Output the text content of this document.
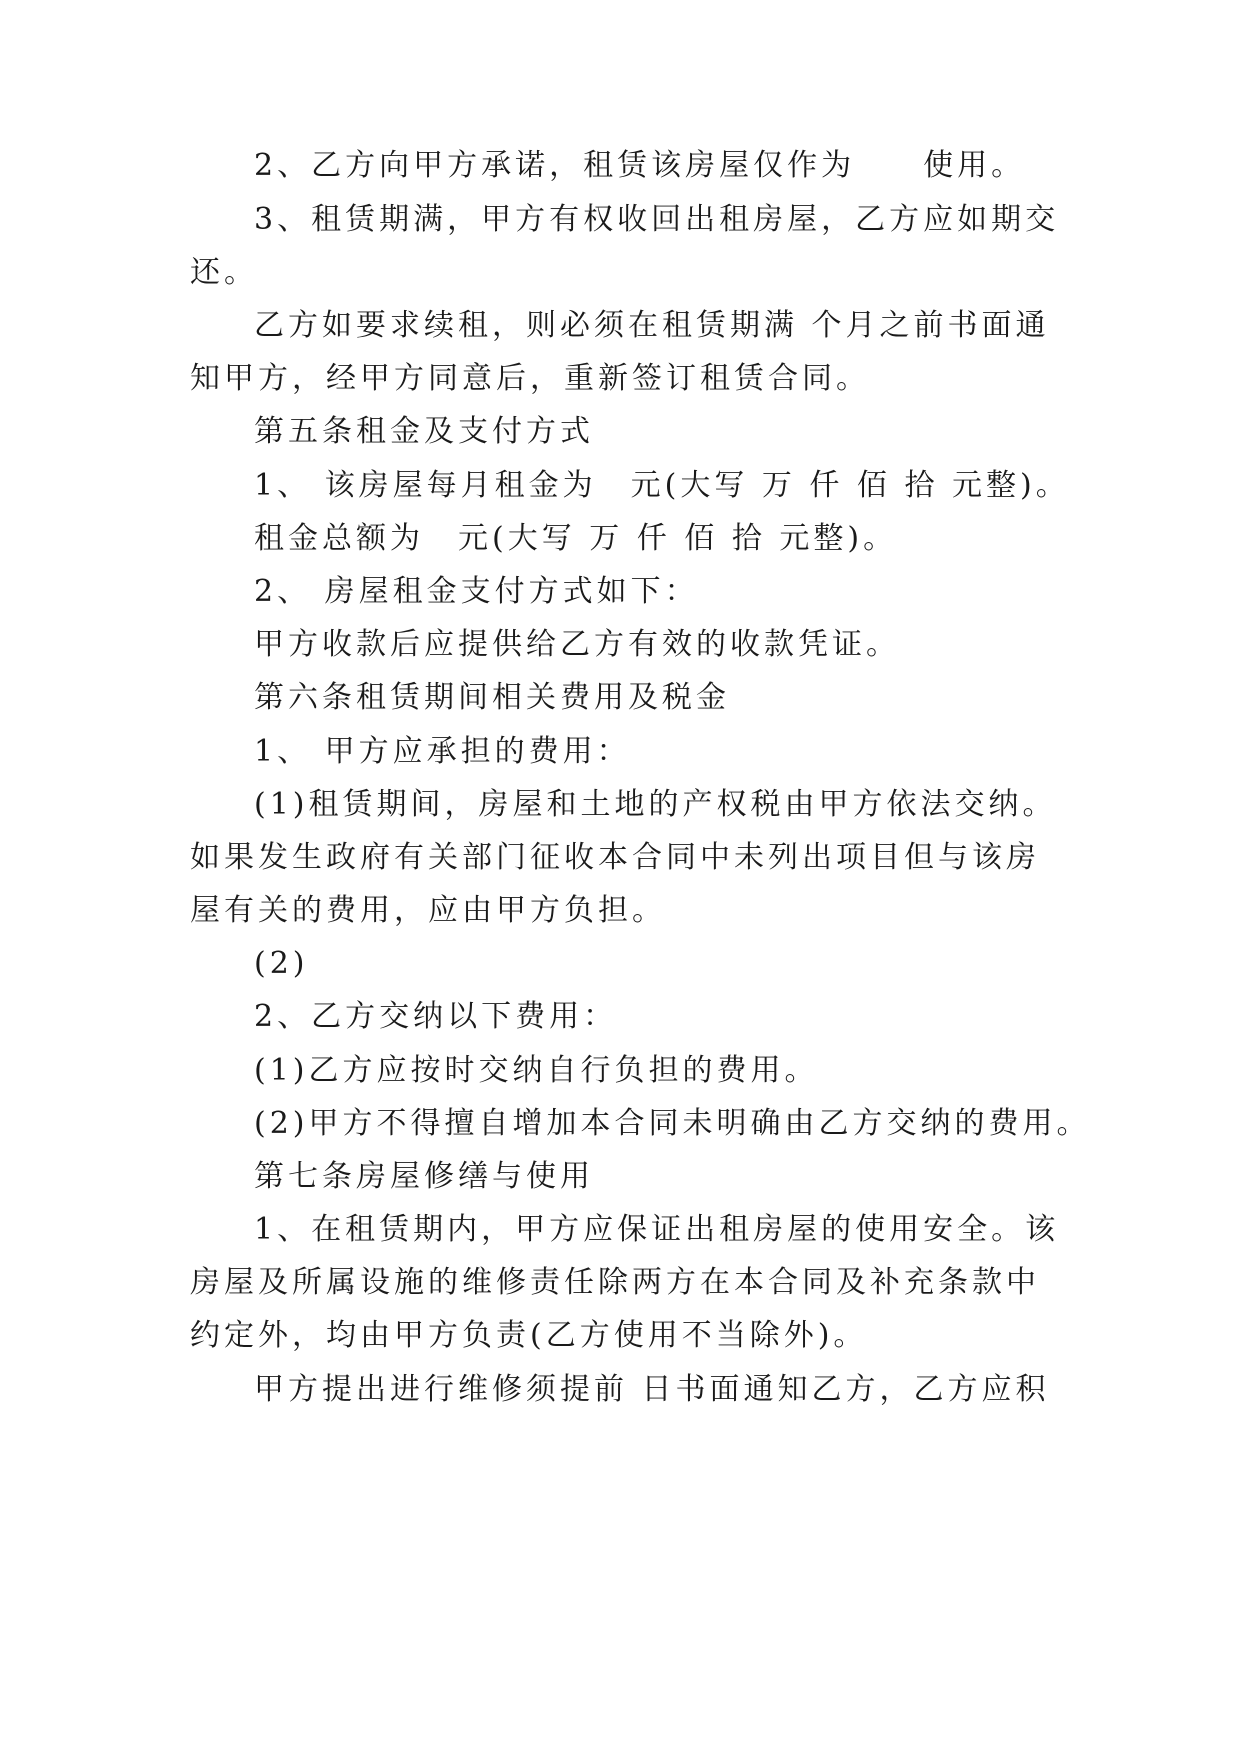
2、乙方向甲方承诺，租赁该房屋仅作为　　使用。
3、租赁期满，甲方有权收回出租房屋，乙方应如期交
还。
乙方如要求续租，则必须在租赁期满 个月之前书面通
知甲方，经甲方同意后，重新签订租赁合同。
第五条租金及支付方式
1、 该房屋每月租金为　元(大写 万 仟 佰 拾 元整)。
租金总额为　元(大写 万 仟 佰 拾 元整)。
2、 房屋租金支付方式如下：
甲方收款后应提供给乙方有效的收款凭证。
第六条租赁期间相关费用及税金
1、 甲方应承担的费用：
(1)租赁期间，房屋和土地的产权税由甲方依法交纳。
如果发生政府有关部门征收本合同中未列出项目但与该房
屋有关的费用，应由甲方负担。
(2)
2、乙方交纳以下费用：
(1)乙方应按时交纳自行负担的费用。
(2)甲方不得擅自增加本合同未明确由乙方交纳的费用。
第七条房屋修缮与使用
1、在租赁期内，甲方应保证出租房屋的使用安全。该
房屋及所属设施的维修责任除两方在本合同及补充条款中
约定外，均由甲方负责(乙方使用不当除外)。
甲方提出进行维修须提前 日书面通知乙方，乙方应积
